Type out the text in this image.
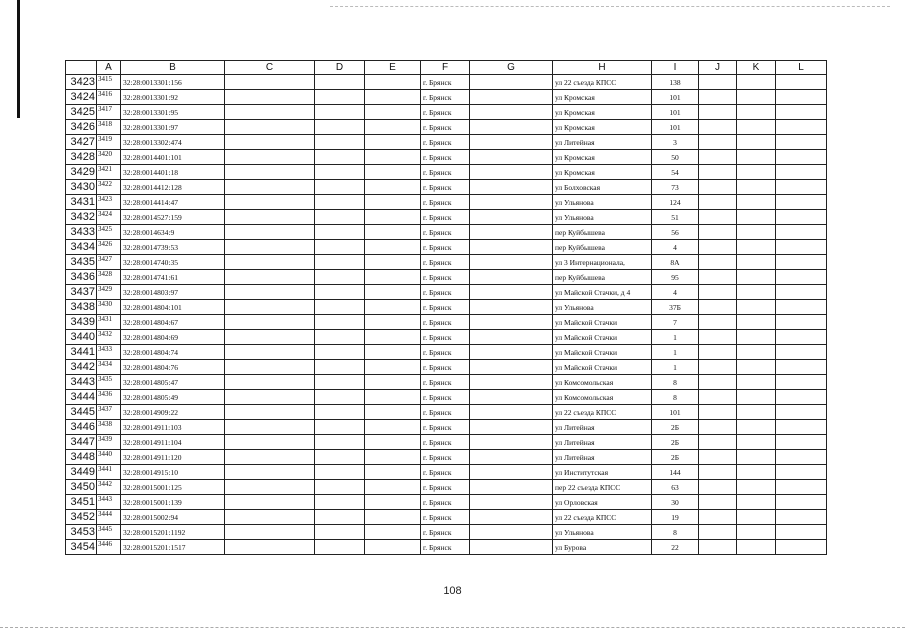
	A	B	C	D	E	F	G	H	I	J	K	L
3423	3415	32:28:0013301:156				г. Брянск		ул 22 съезда КПСС	138			
3424	3416	32:28:0013301:92				г. Брянск		ул Кромская	101			
3425	3417	32:28:0013301:95				г. Брянск		ул Кромская	101			
3426	3418	32:28:0013301:97				г. Брянск		ул Кромская	101			
3427	3419	32:28:0013302:474				г. Брянск		ул Литейная	3			
3428	3420	32:28:0014401:101				г. Брянск		ул Кромская	50			
3429	3421	32:28:0014401:18				г. Брянск		ул Кромская	54			
3430	3422	32:28:0014412:128				г. Брянск		ул Болховская	73			
3431	3423	32:28:0014414:47				г. Брянск		ул Ульянова	124			
3432	3424	32:28:0014527:159				г. Брянск		ул Ульянова	51			
3433	3425	32:28:0014634:9				г. Брянск		пер Куйбышева	56			
3434	3426	32:28:0014739:53				г. Брянск		пер Куйбышева	4			
3435	3427	32:28:0014740:35				г. Брянск		ул 3 Интернационала,	8А			
3436	3428	32:28:0014741:61				г. Брянск		пер Куйбышева	95			
3437	3429	32:28:0014803:97				г. Брянск		ул Майской Стачки, д 4	4			
3438	3430	32:28:0014804:101				г. Брянск		ул Ульянова	37Б			
3439	3431	32:28:0014804:67				г. Брянск		ул Майской Стачки	7			
3440	3432	32:28:0014804:69				г. Брянск		ул Майской Стачки	1			
3441	3433	32:28:0014804:74				г. Брянск		ул Майской Стачки	1			
3442	3434	32:28:0014804:76				г. Брянск		ул Майской Стачки	1			
3443	3435	32:28:0014805:47				г. Брянск		ул Комсомольская	8			
3444	3436	32:28:0014805:49				г. Брянск		ул Комсомольская	8			
3445	3437	32:28:0014909:22				г. Брянск		ул 22 съезда КПСС	101			
3446	3438	32:28:0014911:103				г. Брянск		ул Литейная	2Б			
3447	3439	32:28:0014911:104				г. Брянск		ул Литейная	2Б			
3448	3440	32:28:0014911:120				г. Брянск		ул Литейная	2Б			
3449	3441	32:28:0014915:10				г. Брянск		ул Институтская	144			
3450	3442	32:28:0015001:125				г. Брянск		пер 22 съезда КПСС	63			
3451	3443	32:28:0015001:139				г. Брянск		ул Орловская	30			
3452	3444	32:28:0015002:94				г. Брянск		ул 22 съезда КПСС	19			
3453	3445	32:28:0015201:1192				г. Брянск		ул Ульянова	8			
3454	3446	32:28:0015201:1517				г. Брянск		ул Бурова	22			
108
